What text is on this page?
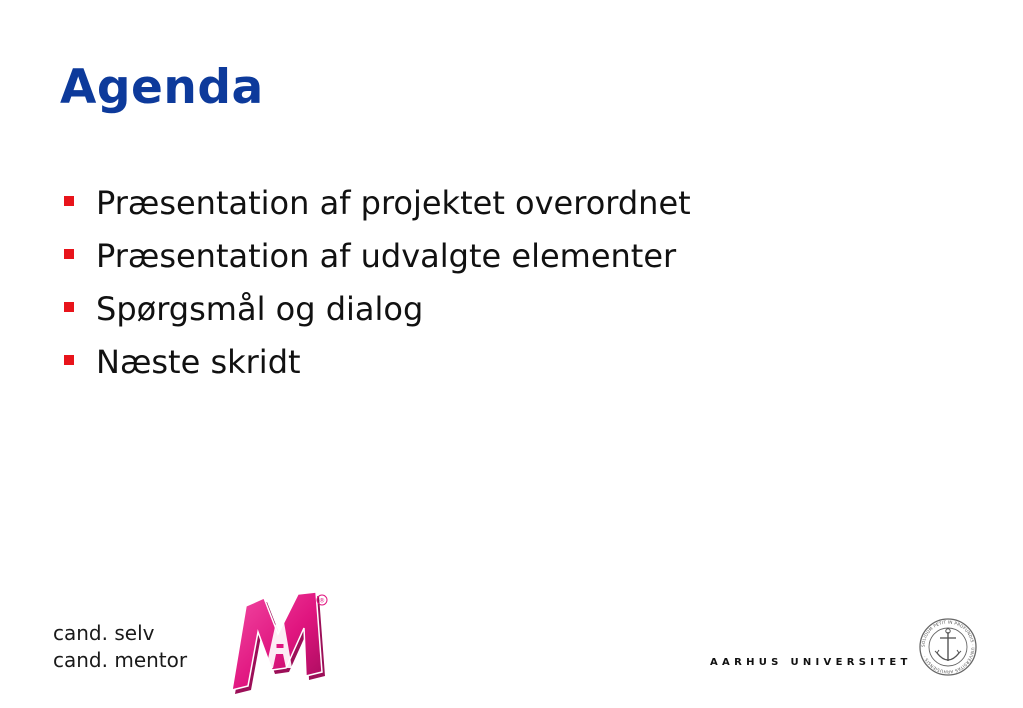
Agenda
Præsentation af projektet overordnet
Præsentation af udvalgte elementer
Spørgsmål og dialog
Næste skridt
cand. selv
cand. mentor
®
AARHUS UNIVERSITET
SOLIDUM PETIT IN PROFUNDIS · UNIVERSITAS ARHUSIENSIS ·
